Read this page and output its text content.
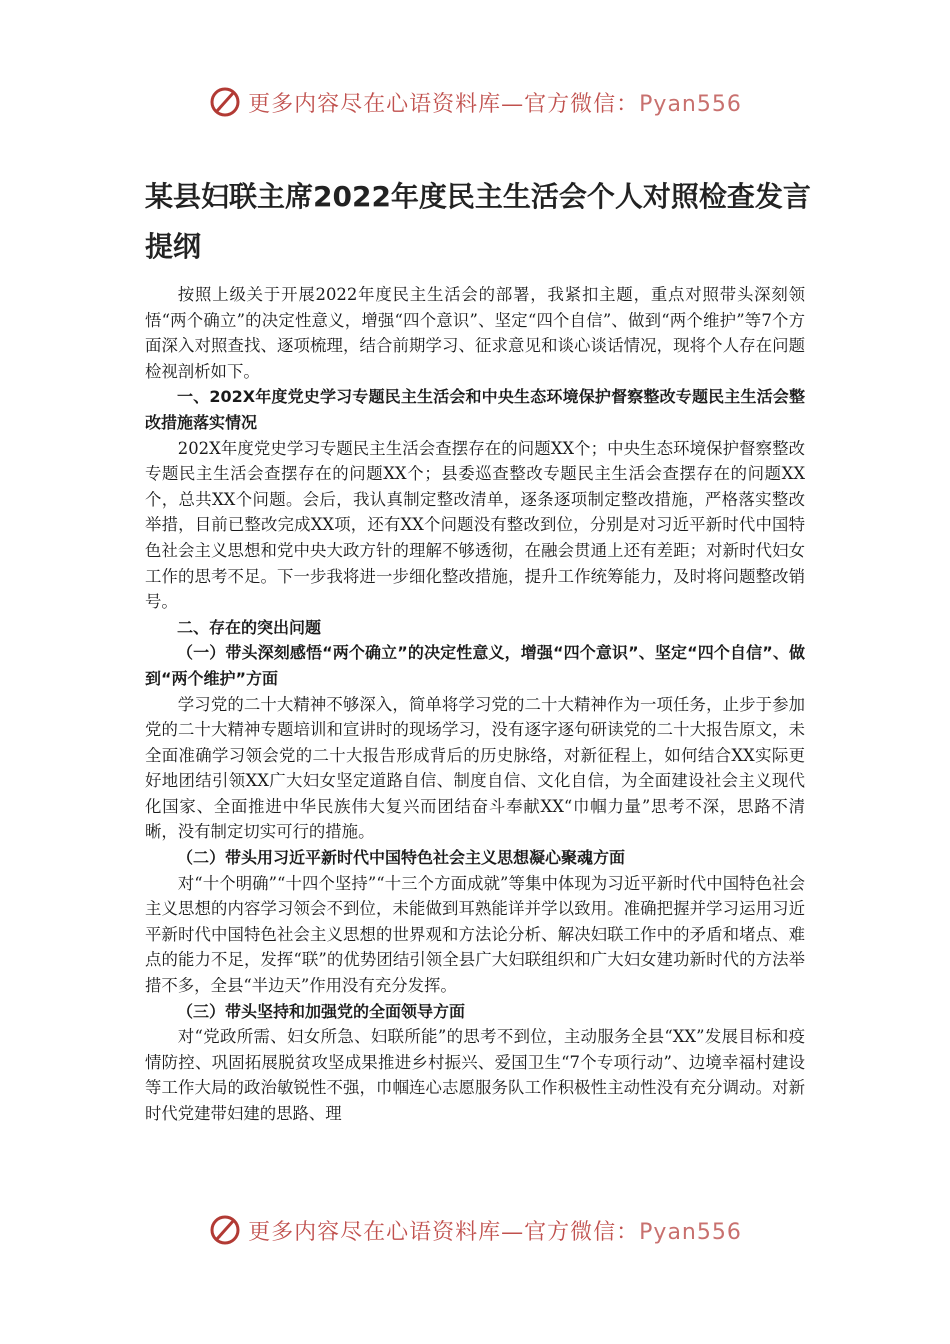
更多内容尽在心语资料库—官方微信：Pyan556
某县妇联主席2022年度民主生活会个人对照检查发言提纲

按照上级关于开展2022年度民主生活会的部署，我紧扣主题，重点对照带头深刻领悟“两个确立”的决定性意义，增强“四个意识”、坚定“四个自信”、做到“两个维护”等7个方面深入对照查找、逐项梳理，结合前期学习、征求意见和谈心谈话情况，现将个人存在问题检视剖析如下。

一、202X年度党史学习专题民主生活会和中央生态环境保护督察整改专题民主生活会整改措施落实情况

202X年度党史学习专题民主生活会查摆存在的问题XX个；中央生态环境保护督察整改专题民主生活会查摆存在的问题XX个；县委巡查整改专题民主生活会查摆存在的问题XX个，总共XX个问题。会后，我认真制定整改清单，逐条逐项制定整改措施，严格落实整改举措，目前已整改完成XX项，还有XX个问题没有整改到位，分别是对习近平新时代中国特色社会主义思想和党中央大政方针的理解不够透彻，在融会贯通上还有差距；对新时代妇女工作的思考不足。下一步我将进一步细化整改措施，提升工作统筹能力，及时将问题整改销号。

二、存在的突出问题

（一）带头深刻感悟“两个确立”的决定性意义，增强“四个意识”、坚定“四个自信”、做到“两个维护”方面

学习党的二十大精神不够深入，简单将学习党的二十大精神作为一项任务，止步于参加党的二十大精神专题培训和宣讲时的现场学习，没有逐字逐句研读党的二十大报告原文，未全面准确学习领会党的二十大报告形成背后的历史脉络，对新征程上，如何结合XX实际更好地团结引领XX广大妇女坚定道路自信、制度自信、文化自信，为全面建设社会主义现代化国家、全面推进中华民族伟大复兴而团结奋斗奉献XX“巾帼力量”思考不深，思路不清晰，没有制定切实可行的措施。

（二）带头用习近平新时代中国特色社会主义思想凝心聚魂方面

对“十个明确”“十四个坚持”“十三个方面成就”等集中体现为习近平新时代中国特色社会主义思想的内容学习领会不到位，未能做到耳熟能详并学以致用。准确把握并学习运用习近平新时代中国特色社会主义思想的世界观和方法论分析、解决妇联工作中的矛盾和堵点、难点的能力不足，发挥“联”的优势团结引领全县广大妇联组织和广大妇女建功新时代的方法举措不多，全县“半边天”作用没有充分发挥。

（三）带头坚持和加强党的全面领导方面

对“党政所需、妇女所急、妇联所能”的思考不到位，主动服务全县“XX”发展目标和疫情防控、巩固拓展脱贫攻坚成果推进乡村振兴、爱国卫生“7个专项行动”、边境幸福村建设等工作大局的政治敏锐性不强，巾帼连心志愿服务队工作积极性主动性没有充分调动。对新时代党建带妇建的思路、理

更多内容尽在心语资料库—官方微信：Pyan556
